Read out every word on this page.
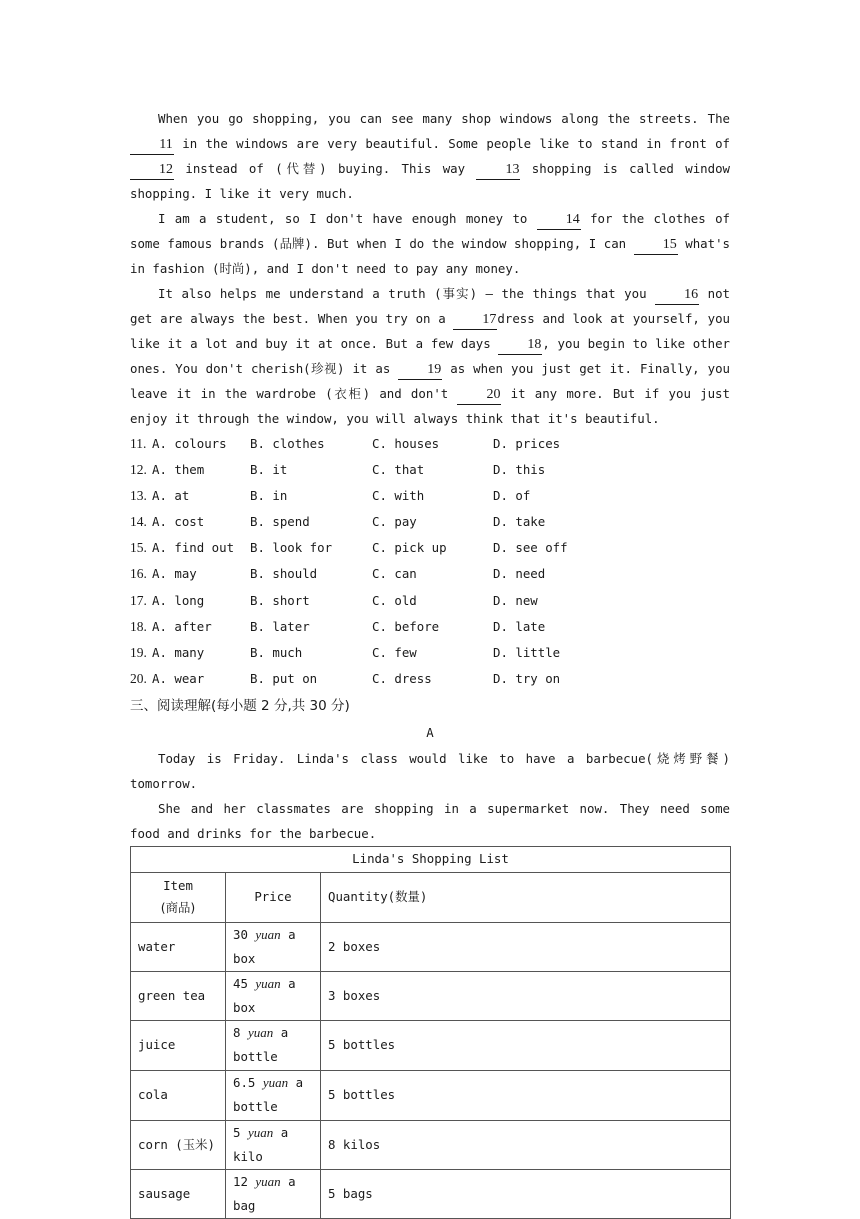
When you go shopping, you can see many shop windows along the streets. The 11 in the windows are very beautiful. Some people like to stand in front of 12 instead of (代替) buying. This way 13 shopping is called window shopping. I like it very much.

I am a student, so I don't have enough money to 14 for the clothes of some famous brands (品牌). But when I do the window shopping, I can 15 what's in fashion (时尚), and I don't need to pay any money.

It also helps me understand a truth (事实) — the things that you 16 not get are always the best. When you try on a 17dress and look at yourself, you like it a lot and buy it at once. But a few days 18, you begin to like other ones. You don't cherish(珍视) it as 19 as when you just get it. Finally, you leave it in the wardrobe (衣柜) and don't 20 it any more. But if you just enjoy it through the window, you will always think that it's beautiful.

11. A. colours	B. clothes	C. houses	D. prices
12. A. them	B. it	C. that	D. this
13. A. at	B. in	C. with	D. of
14. A. cost	B. spend	C. pay	D. take
15. A. find out	B. look for	C. pick up	D. see off
16. A. may	B. should	C. can	D. need
17. A. long	B. short	C. old	D. new
18. A. after	B. later	C. before	D. late
19. A. many	B. much	C. few	D. little
20. A. wear	B. put on	C. dress	D. try on
三、阅读理解(每小题 2 分,共 30 分)
A

Today is Friday. Linda's class would like to have a barbecue(烧烤野餐) tomorrow.

She and her classmates are shopping in a supermarket now. They need some food and drinks for the barbecue.

Linda's Shopping List		

Item
(商品)	Price	Quantity(数量)
water	30 yuan a box	2 boxes
green tea	45 yuan a box	3 boxes
juice	8 yuan a bottle	5 bottles
cola	6.5 yuan a bottle	5 bottles
corn (玉米)	5 yuan a kilo	8 kilos
sausage	12 yuan a bag	5 bags
